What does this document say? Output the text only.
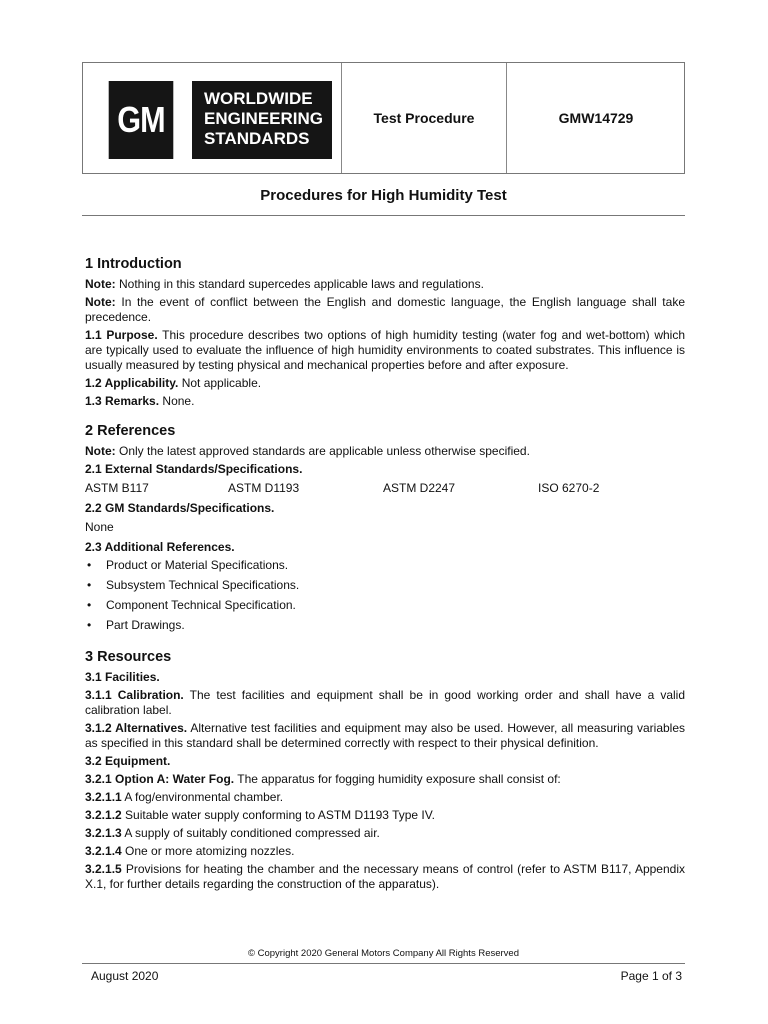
GM
WORLDWIDE
ENGINEERING
STANDARDS
Test Procedure	GMW14729
Procedures for High Humidity Test
1 Introduction

Note: Nothing in this standard supercedes applicable laws and regulations.

Note: In the event of conflict between the English and domestic language, the English language shall take precedence.

1.1 Purpose. This procedure describes two options of high humidity testing (water fog and wet-bottom) which are typically used to evaluate the influence of high humidity environments to coated substrates. This influence is usually measured by testing physical and mechanical properties before and after exposure.

1.2 Applicability. Not applicable.

1.3 Remarks. None.

2 References

Note: Only the latest approved standards are applicable unless otherwise specified.

2.1 External Standards/Specifications.

ASTM B117	ASTM D1193	ASTM D2247	ISO 6270-2

2.2 GM Standards/Specifications.

None

2.3 Additional References.

• Product or Material Specifications.
• Subsystem Technical Specifications.
• Component Technical Specification.
• Part Drawings.
3 Resources

3.1 Facilities.

3.1.1 Calibration. The test facilities and equipment shall be in good working order and shall have a valid calibration label.

3.1.2 Alternatives. Alternative test facilities and equipment may also be used. However, all measuring variables as specified in this standard shall be determined correctly with respect to their physical definition.

3.2 Equipment.

3.2.1 Option A: Water Fog. The apparatus for fogging humidity exposure shall consist of:

3.2.1.1 A fog/environmental chamber.

3.2.1.2 Suitable water supply conforming to ASTM D1193 Type IV.

3.2.1.3 A supply of suitably conditioned compressed air.

3.2.1.4 One or more atomizing nozzles.

3.2.1.5 Provisions for heating the chamber and the necessary means of control (refer to ASTM B117, Appendix X.1, for further details regarding the construction of the apparatus).

© Copyright 2020 General Motors Company All Rights Reserved
August 2020	Page 1 of 3
